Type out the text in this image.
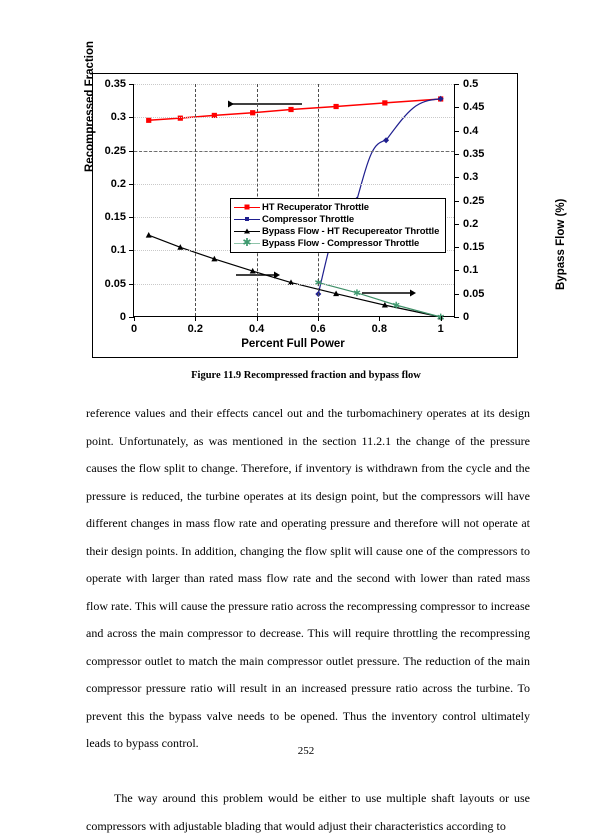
Recompressed Fraction
0
0.05
0.1
0.15
0.2
0.25
0.3
0.35
0
0.05
0.1
0.15
0.2
0.25
0.3
0.35
0.4
0.45
0.5
0	0.2	0.4	0.6	0.8	1
HT Recuperator Throttle
Compressor Throttle
Bypass Flow - HT Recupereator Throttle
✱ Bypass Flow - Compressor Throttle
Percent Full Power
Bypass Flow (%)
Figure 11.9 Recompressed fraction and bypass flow

reference values and their effects cancel out and the turbomachinery operates at its design point. Unfortunately, as was mentioned in the section 11.2.1 the change of the pressure causes the flow split to change. Therefore, if inventory is withdrawn from the cycle and the pressure is reduced, the turbine operates at its design point, but the compressors will have different changes in mass flow rate and operating pressure and therefore will not operate at their design points. In addition, changing the flow split will cause one of the compressors to operate with larger than rated mass flow rate and the second with lower than rated mass flow rate. This will cause the pressure ratio across the recompressing compressor to increase and across the main compressor to decrease. This will require throttling the recompressing compressor outlet to match the main compressor outlet pressure. The reduction of the main compressor pressure ratio will result in an increased pressure ratio across the turbine. To prevent this the bypass valve needs to be opened. Thus the inventory control ultimately leads to bypass control.

The way around this problem would be either to use multiple shaft layouts or use compressors with adjustable blading that would adjust their characteristics according to

252
